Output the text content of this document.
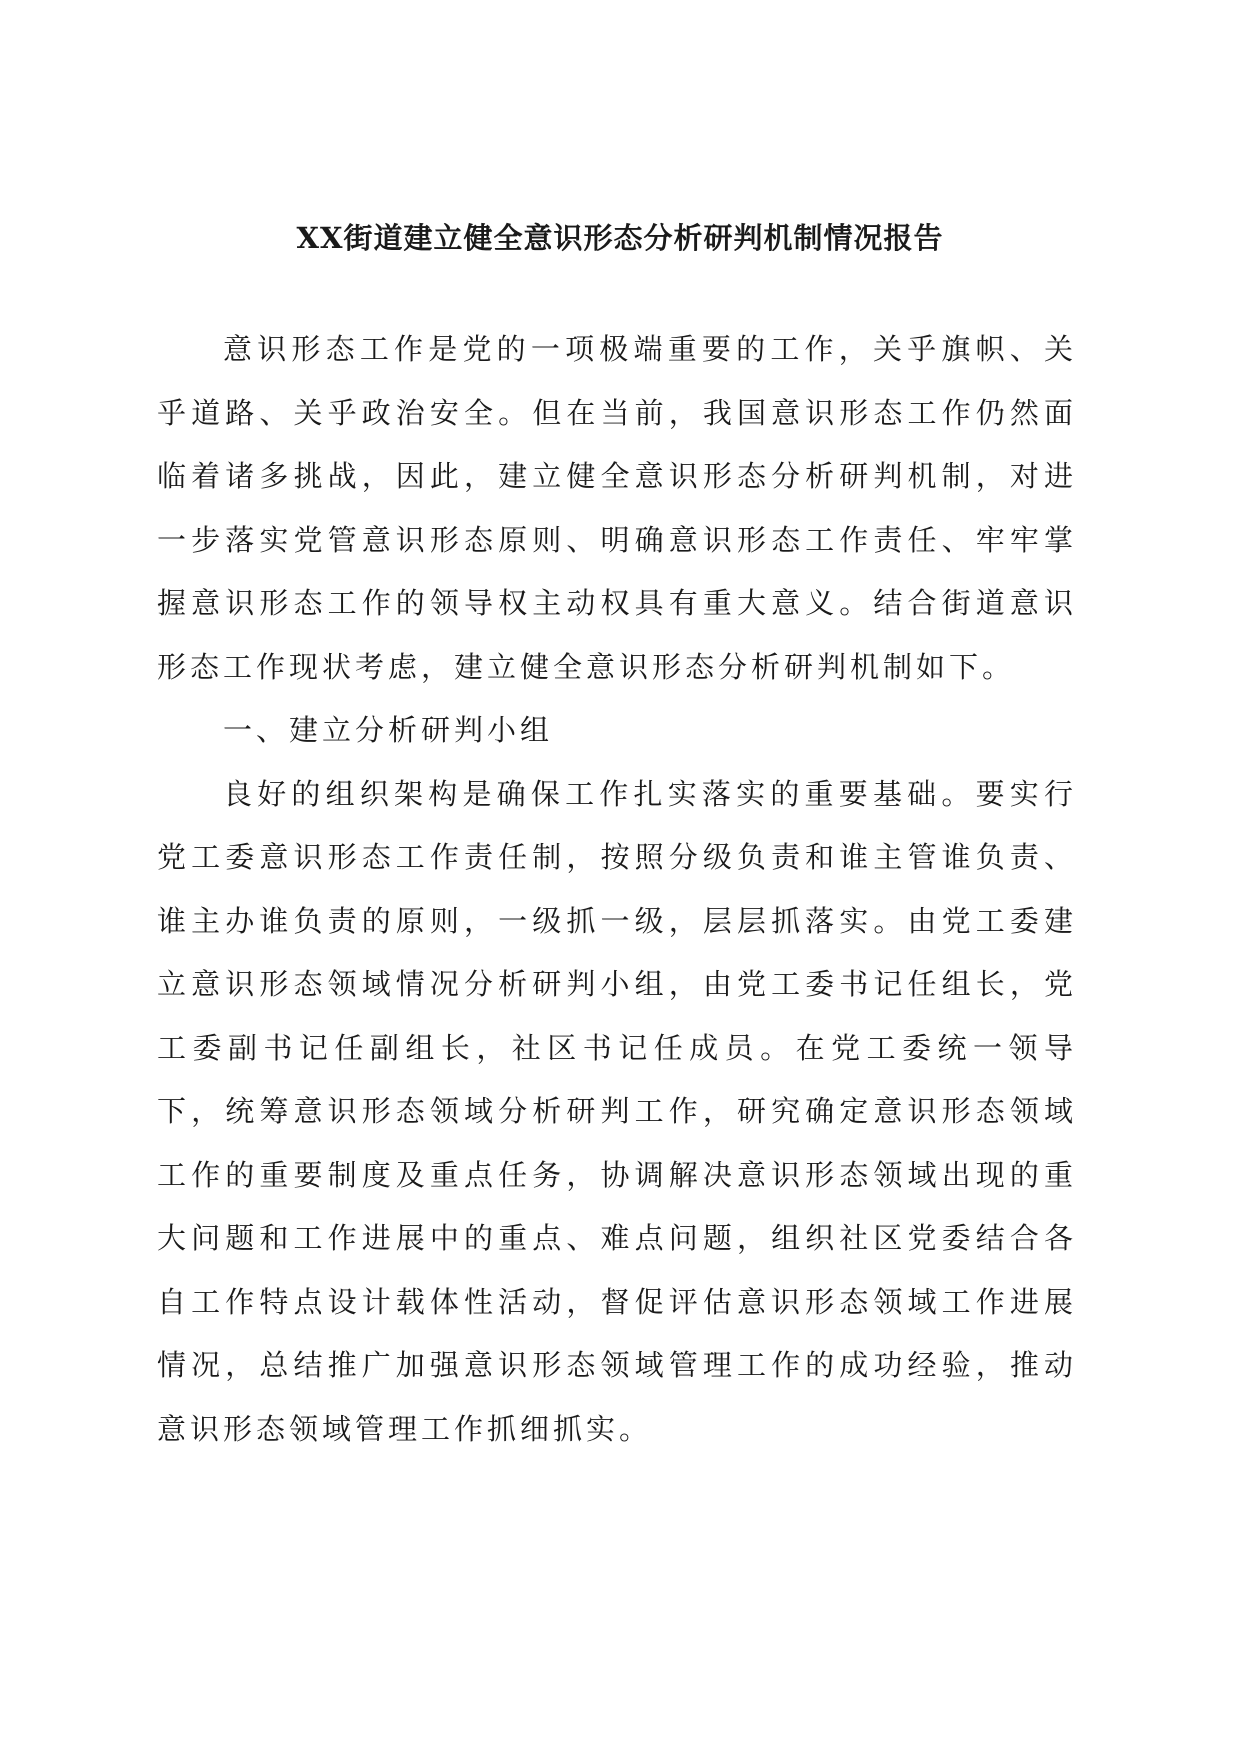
XX街道建立健全意识形态分析研判机制情况报告

意识形态工作是党的一项极端重要的工作，关乎旗帜、关乎道路、关乎政治安全。但在当前，我国意识形态工作仍然面临着诸多挑战，因此，建立健全意识形态分析研判机制，对进一步落实党管意识形态原则、明确意识形态工作责任、牢牢掌握意识形态工作的领导权主动权具有重大意义。结合街道意识形态工作现状考虑，建立健全意识形态分析研判机制如下。

一、建立分析研判小组

良好的组织架构是确保工作扎实落实的重要基础。要实行党工委意识形态工作责任制，按照分级负责和谁主管谁负责、谁主办谁负责的原则，一级抓一级，层层抓落实。由党工委建立意识形态领域情况分析研判小组，由党工委书记任组长，党工委副书记任副组长，社区书记任成员。在党工委统一领导下，统筹意识形态领域分析研判工作，研究确定意识形态领域工作的重要制度及重点任务，协调解决意识形态领域出现的重大问题和工作进展中的重点、难点问题，组织社区党委结合各自工作特点设计载体性活动，督促评估意识形态领域工作进展情况，总结推广加强意识形态领域管理工作的成功经验，推动意识形态领域管理工作抓细抓实。
